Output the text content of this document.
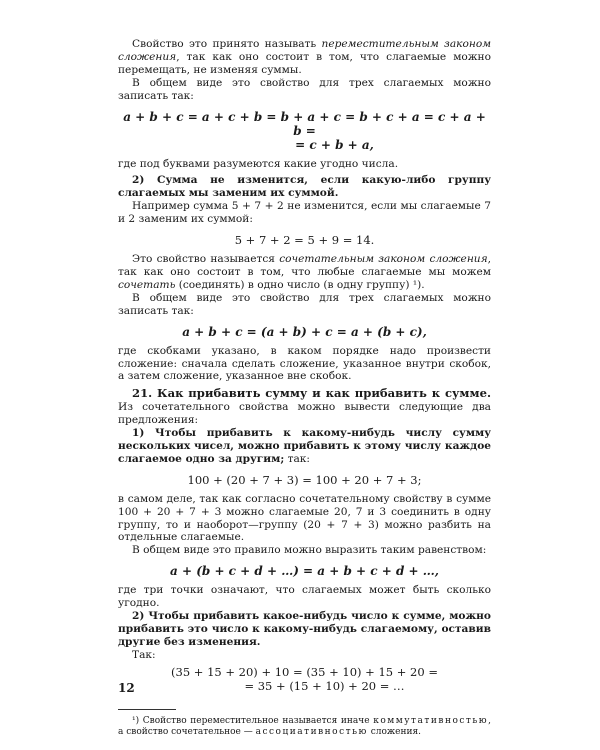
Свойство это принято называть переместительным законом сложения, так как оно состоит в том, что слагаемые можно перемещать, не изменяя суммы.

В общем виде это свойство для трех слагаемых можно записать так:

a + b + c = a + c + b = b + a + c = b + c + a = c + a + b =
= c + b + a,

где под буквами разумеются какие угодно числа.

2) Сумма не изменится, если какую-либо группу слагаемых мы заменим их суммой.

Например сумма 5 + 7 + 2 не изменится, если мы слагаемые 7 и 2 заменим их суммой:

5 + 7 + 2 = 5 + 9 = 14.

Это свойство называется сочетательным законом сложения, так как оно состоит в том, что любые слагаемые мы можем сочетать (соединять) в одно число (в одну группу) ¹).

В общем виде это свойство для трех слагаемых можно записать так:

a + b + c = (a + b) + c = a + (b + c),

где скобками указано, в каком порядке надо произвести сложение: сначала сделать сложение, указанное внутри скобок, а затем сложение, указанное вне скобок.

21. Как прибавить сумму и как прибавить к сумме. Из сочетательного свойства можно вывести следующие два предложения:

1) Чтобы прибавить к какому-нибудь числу сумму нескольких чисел, можно прибавить к этому числу каждое слагаемое одно за другим; так:

100 + (20 + 7 + 3) = 100 + 20 + 7 + 3;

в самом деле, так как согласно сочетательному свойству в сумме 100 + 20 + 7 + 3 можно слагаемые 20, 7 и 3 соединить в одну группу, то и наоборот—группу (20 + 7 + 3) можно разбить на отдельные слагаемые.

В общем виде это правило можно выразить таким равенством:

a + (b + c + d + …) = a + b + c + d + …,

где три точки означают, что слагаемых может быть сколько угодно.

2) Чтобы прибавить какое-нибудь число к сумме, можно прибавить это число к какому-нибудь слагаемому, оставив другие без изменения.

Так:

(35 + 15 + 20) + 10 = (35 + 10) + 15 + 20 =
= 35 + (15 + 10) + 20 = …

¹) Свойство переместительное называется иначе коммутативностью, а свойство сочетательное — ассоциативностью сложения.

12
